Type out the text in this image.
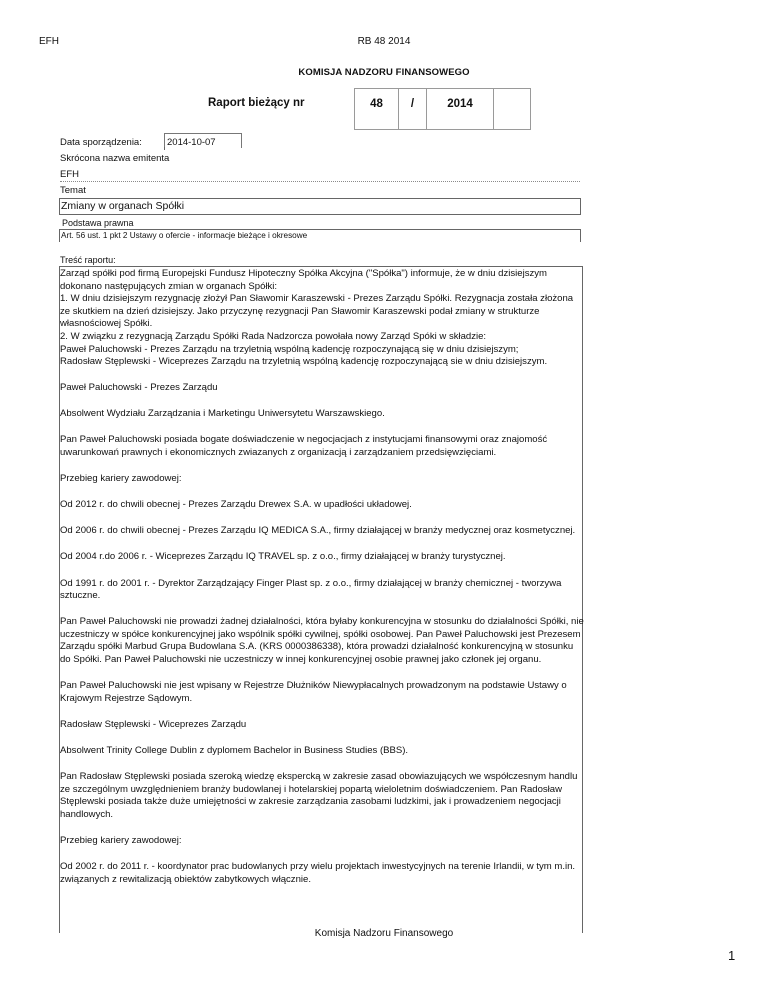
EFH	RB 48 2014
KOMISJA NADZORU FINANSOWEGO
Raport bieżący nr	48	/	2014
Data sporządzenia:	2014-10-07
Skrócona nazwa emitenta
EFH
Temat
Zmiany w organach Spółki
Podstawa prawna
Art. 56 ust. 1 pkt 2 Ustawy o ofercie - informacje bieżące i okresowe
Treść raportu:

Zarząd spółki pod firmą Europejski Fundusz Hipoteczny Spółka Akcyjna ("Spółka") informuje, że w dniu dzisiejszym dokonano następujących zmian w organach Spółki:
1. W dniu dzisiejszym rezygnację złożył Pan Sławomir Karaszewski - Prezes Zarządu Spółki. Rezygnacja została złożona ze skutkiem na dzień dzisiejszy. Jako przyczynę rezygnacji Pan Sławomir Karaszewski podał zmiany w strukturze własnościowej Spółki.
2. W związku z rezygnacją Zarządu Spółki Rada Nadzorcza powołała nowy Zarząd Spóki w składzie:
Paweł Paluchowski - Prezes Zarządu na trzyletnią wspólną kadencję rozpoczynającą się w dniu dzisiejszym;
Radosław Stęplewski - Wiceprezes Zarządu na trzyletnią wspólną kadencję rozpoczynającą sie w dniu dzisiejszym.

Paweł Paluchowski - Prezes Zarządu

Absolwent Wydziału Zarządzania i Marketingu Uniwersytetu Warszawskiego.

Pan Paweł Paluchowski posiada bogate doświadczenie w negocjacjach z instytucjami finansowymi oraz znajomość uwarunkowań prawnych i ekonomicznych zwiazanych z organizacją i zarządzaniem przedsięwzięciami.

Przebieg kariery zawodowej:

Od 2012 r. do chwili obecnej - Prezes Zarządu Drewex S.A. w upadłości układowej.

Od 2006 r. do chwili obecnej - Prezes Zarządu IQ MEDICA S.A., firmy działającej w branży medycznej oraz kosmetycznej.

Od 2004 r.do 2006 r. - Wiceprezes Zarządu IQ TRAVEL sp. z o.o., firmy działającej w branży turystycznej.

Od 1991 r. do 2001 r. - Dyrektor Zarządzający Finger Plast sp. z o.o., firmy działającej w branży chemicznej - tworzywa sztuczne.

Pan Paweł Paluchowski nie prowadzi żadnej działalności, która byłaby konkurencyjna w stosunku do działalności Spółki, nie uczestniczy w spółce konkurencyjnej jako wspólnik spółki cywilnej, spółki osobowej. Pan Paweł Paluchowski jest Prezesem Zarządu spółki Marbud Grupa Budowlana S.A. (KRS 0000386338), która prowadzi działalność konkurencyjną w stosunku do Spółki. Pan Paweł Paluchowski nie uczestniczy w innej konkurencyjnej osobie prawnej jako członek jej organu.

Pan Paweł Paluchowski nie jest wpisany w Rejestrze Dłużników Niewypłacalnych prowadzonym na podstawie Ustawy o Krajowym Rejestrze Sądowym.

Radosław Stęplewski - Wiceprezes Zarządu

Absolwent Trinity College Dublin z dyplomem Bachelor in Business Studies (BBS).

Pan Radosław Stęplewski posiada szeroką wiedzę ekspercką w zakresie zasad obowiazujących we współczesnym handlu ze szczególnym uwzględnieniem branży budowlanej i hotelarskiej popartą wieloletnim doświadczeniem. Pan Radosław Stęplewski posiada także duże umiejętności w zakresie zarządzania zasobami ludzkimi, jak i prowadzeniem negocjacji handlowych.

Przebieg kariery zawodowej:

Od 2002 r. do 2011 r. - koordynator prac budowlanych przy wielu projektach inwestycyjnych na terenie Irlandii, w tym m.in. związanych z rewitalizacją obiektów zabytkowych włącznie.

Komisja Nadzoru Finansowego
1
